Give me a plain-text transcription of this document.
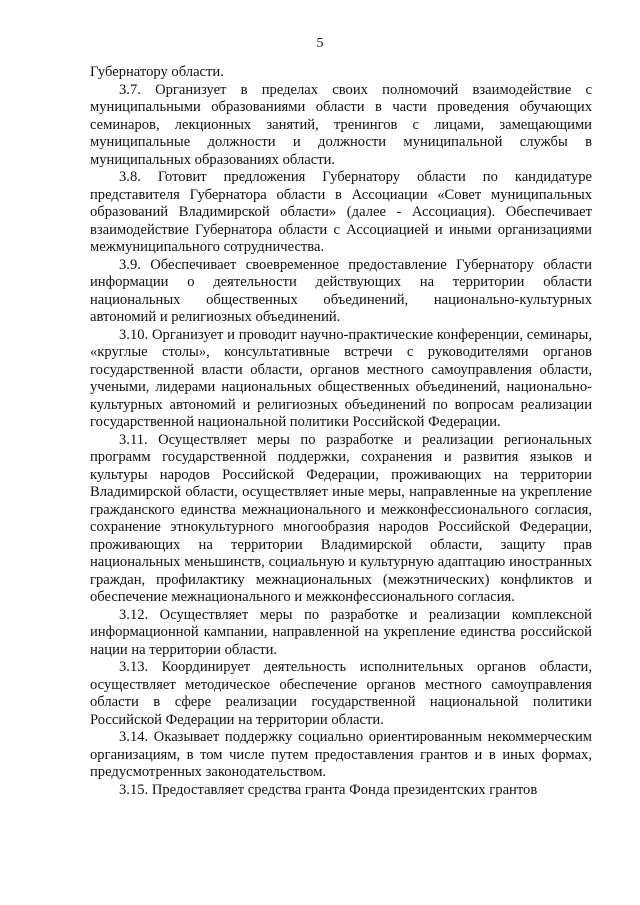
5

Губернатору области.

3.7. Организует в пределах своих полномочий взаимодействие с муниципальными образованиями области в части проведения обучающих семинаров, лекционных занятий, тренингов с лицами, замещающими муниципальные должности и должности муниципальной службы в муниципальных образованиях области.

3.8. Готовит предложения Губернатору области по кандидатуре представителя Губернатора области в Ассоциации «Совет муниципальных образований Владимирской области» (далее - Ассоциация). Обеспечивает взаимодействие Губернатора области с Ассоциацией и иными организациями межмуниципального сотрудничества.

3.9. Обеспечивает своевременное предоставление Губернатору области информации о деятельности действующих на территории области национальных общественных объединений, национально-культурных автономий и религиозных объединений.

3.10. Организует и проводит научно-практические конференции, семинары, «круглые столы», консультативные встречи с руководителями органов государственной власти области, органов местного самоуправления области, учеными, лидерами национальных общественных объединений, национально-культурных автономий и религиозных объединений по вопросам реализации государственной национальной политики Российской Федерации.

3.11. Осуществляет меры по разработке и реализации региональных программ государственной поддержки, сохранения и развития языков и культуры народов Российской Федерации, проживающих на территории Владимирской области, осуществляет иные меры, направленные на укрепление гражданского единства межнационального и межконфессионального согласия, сохранение этнокультурного многообразия народов Российской Федерации, проживающих на территории Владимирской области, защиту прав национальных меньшинств, социальную и культурную адаптацию иностранных граждан, профилактику межнациональных (межэтнических) конфликтов и обеспечение межнационального и межконфессионального согласия.

3.12. Осуществляет меры по разработке и реализации комплексной информационной кампании, направленной на укрепление единства российской нации на территории области.

3.13. Координирует деятельность исполнительных органов области, осуществляет методическое обеспечение органов местного самоуправления области в сфере реализации государственной национальной политики Российской Федерации на территории области.

3.14. Оказывает поддержку социально ориентированным некоммерческим организациям, в том числе путем предоставления грантов и в иных формах, предусмотренных законодательством.

3.15. Предоставляет средства гранта Фонда президентских грантов
